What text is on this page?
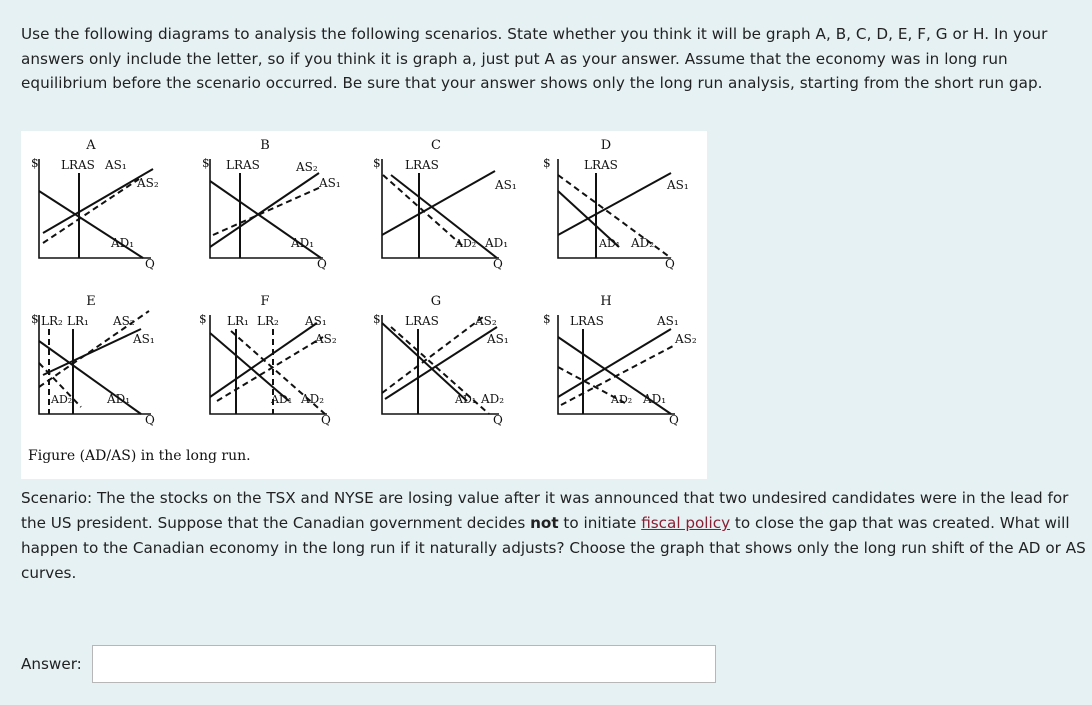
Use the following diagrams to analysis the following scenarios. State whether you think it will be graph A, B, C, D, E, F, G or H. In your answers only include the letter, so if you think it is graph a, just put A as your answer. Assume that the economy was in long run equilibrium before the scenario occurred. Be sure that your answer shows only the long run analysis, starting from the short run gap.

A
$
Q
LRAS AS₁
AS₂
AD₁
B
$
Q
LRAS	AS₂
AS₁
AD₁
C
$
Q
LRAS
AS₁
AD₂ AD₁
D
$
Q
LRAS
AS₁
AD₁ AD₂
E
$
Q
LR₂ LR₁ AS₂
AS₁
AD₂	AD₁
F
$
Q
LR₁ LR₂ AS₁
AS₂
AD₁ AD₂
G
$
Q
LRAS	AS₂
AS₁
AD₁ AD₂
H
$
Q
LRAS	AS₁
AS₂
AD₂ AD₁
Figure (AD/AS) in the long run.

Scenario: The the stocks on the TSX and NYSE are losing value after it was announced that two undesired candidates were in the lead for the US president. Suppose that the Canadian government decides not to initiate fiscal policy to close the gap that was created. What will happen to the Canadian economy in the long run if it naturally adjusts? Choose the graph that shows only the long run shift of the AD or AS curves.

Answer:
